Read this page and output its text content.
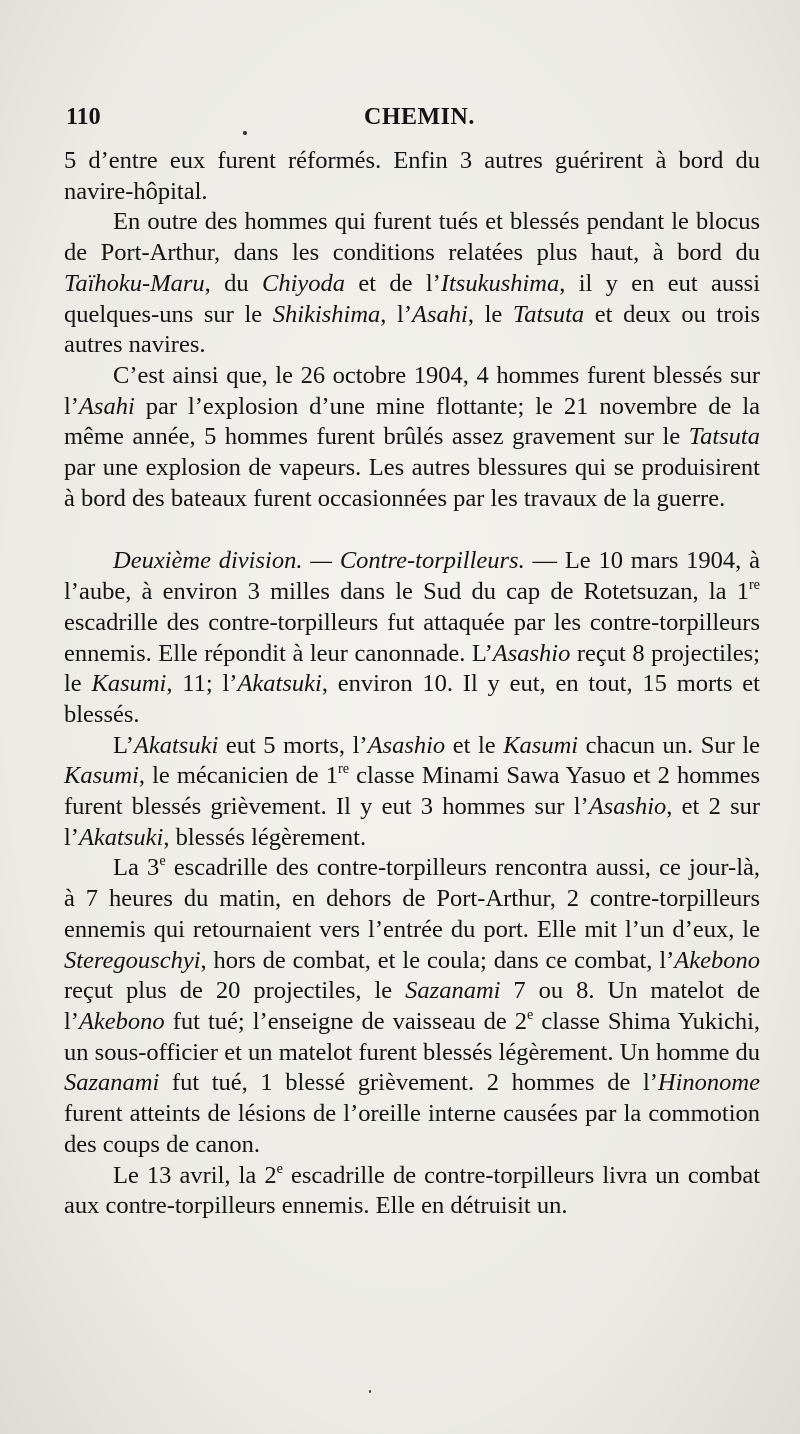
110	CHEMIN.

5 d’entre eux furent réformés. Enfin 3 autres guérirent à bord du navire-hôpital.

En outre des hommes qui furent tués et blessés pendant le blocus de Port-Arthur, dans les conditions relatées plus haut, à bord du Taïhoku-Maru, du Chiyoda et de l’Itsukushima, il y en eut aussi quelques-uns sur le Shikishima, l’Asahi, le Tatsuta et deux ou trois autres navires.

C’est ainsi que, le 26 octobre 1904, 4 hommes furent blessés sur l’Asahi par l’explosion d’une mine flottante; le 21 novembre de la même année, 5 hommes furent brûlés assez gravement sur le Tatsuta par une explosion de vapeurs. Les autres blessures qui se produisirent à bord des bateaux furent occasionnées par les travaux de la guerre.

Deuxième division. — Contre-torpilleurs. — Le 10 mars 1904, à l’aube, à environ 3 milles dans le Sud du cap de Rotetsuzan, la 1re escadrille des contre-torpilleurs fut attaquée par les contre-torpilleurs ennemis. Elle répondit à leur canonnade. L’Asashio reçut 8 projectiles; le Kasumi, 11; l’Akatsuki, environ 10. Il y eut, en tout, 15 morts et blessés.

L’Akatsuki eut 5 morts, l’Asashio et le Kasumi chacun un. Sur le Kasumi, le mécanicien de 1re classe Minami Sawa Yasuo et 2 hommes furent blessés grièvement. Il y eut 3 hommes sur l’Asashio, et 2 sur l’Akatsuki, blessés légèrement.

La 3e escadrille des contre-torpilleurs rencontra aussi, ce jour-là, à 7 heures du matin, en dehors de Port-Arthur, 2 contre-torpilleurs ennemis qui retournaient vers l’entrée du port. Elle mit l’un d’eux, le Steregouschyi, hors de combat, et le coula; dans ce combat, l’Akebono reçut plus de 20 projectiles, le Sazanami 7 ou 8. Un matelot de l’Akebono fut tué; l’enseigne de vaisseau de 2e classe Shima Yukichi, un sous-officier et un matelot furent blessés légèrement. Un homme du Sazanami fut tué, 1 blessé grièvement. 2 hommes de l’Hinonome furent atteints de lésions de l’oreille interne causées par la commotion des coups de canon.

Le 13 avril, la 2e escadrille de contre-torpilleurs livra un combat aux contre-torpilleurs ennemis. Elle en détruisit un.
